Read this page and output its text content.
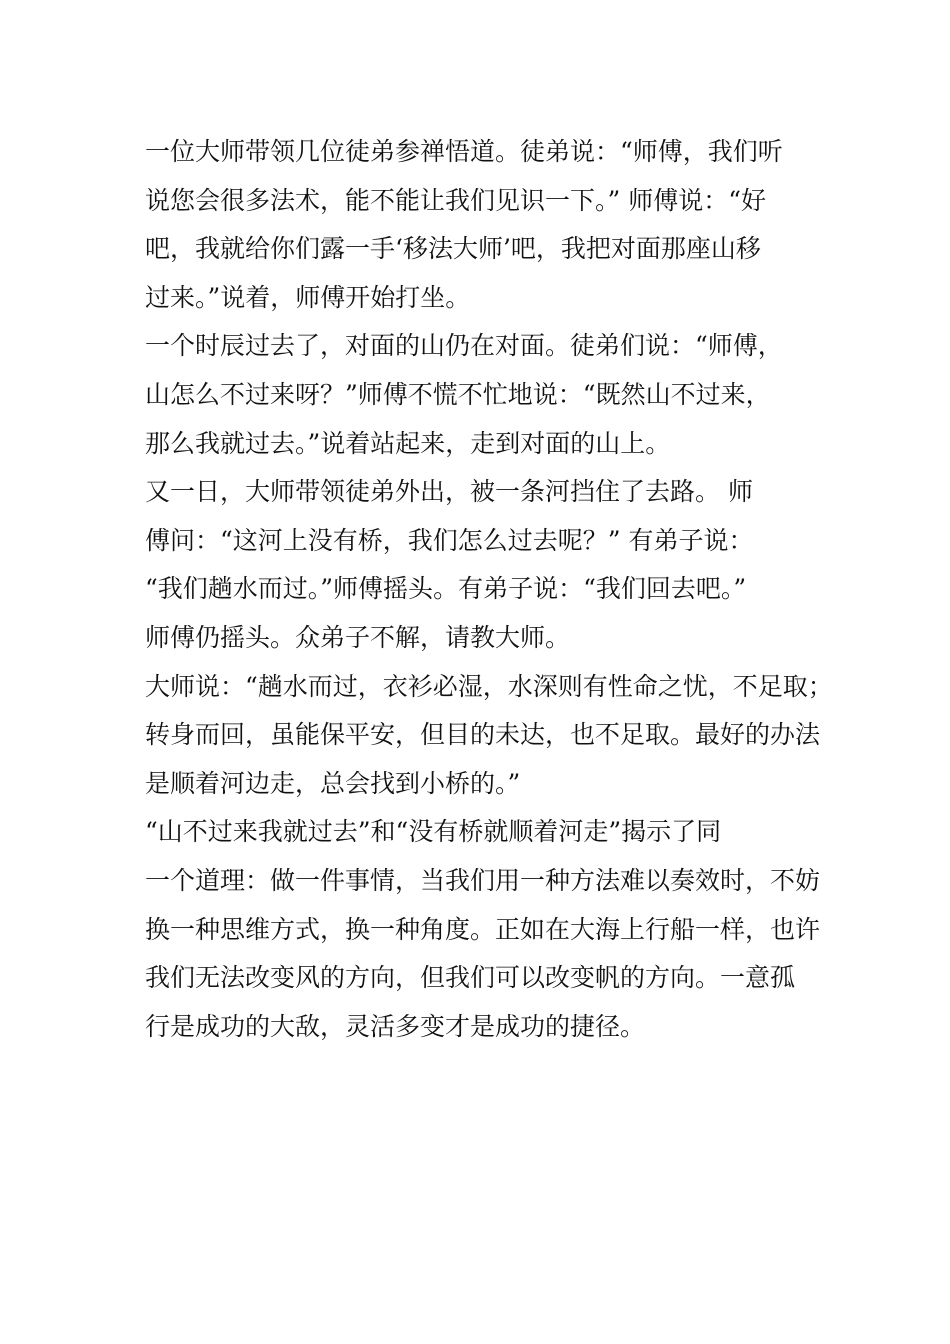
一位大师带领几位徒弟参禅悟道。徒弟说：“师傅，我们听
说您会很多法术，能不能让我们见识一下。” 师傅说：“好
吧，我就给你们露一手‘移法大师’吧，我把对面那座山移
过来。”说着，师傅开始打坐。
一个时辰过去了，对面的山仍在对面。徒弟们说：“师傅，
山怎么不过来呀？”师傅不慌不忙地说：“既然山不过来，
那么我就过去。”说着站起来，走到对面的山上。
又一日，大师带领徒弟外出，被一条河挡住了去路。 师
傅问：“这河上没有桥，我们怎么过去呢？” 有弟子说：
“我们趟水而过。”师傅摇头。有弟子说：“我们回去吧。”
师傅仍摇头。众弟子不解，请教大师。
大师说：“趟水而过，衣衫必湿，水深则有性命之忧，不足取；
转身而回，虽能保平安，但目的未达，也不足取。最好的办法
是顺着河边走，总会找到小桥的。”
“山不过来我就过去”和“没有桥就顺着河走”揭示了同
一个道理：做一件事情，当我们用一种方法难以奏效时，不妨
换一种思维方式，换一种角度。正如在大海上行船一样，也许
我们无法改变风的方向，但我们可以改变帆的方向。一意孤
行是成功的大敌，灵活多变才是成功的捷径。
